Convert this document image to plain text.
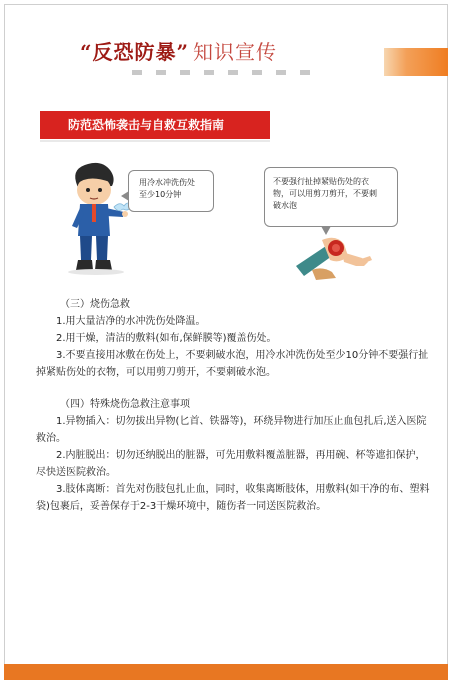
“反恐防暴” 知识宣传
防范恐怖袭击与自救互救指南
用冷水冲洗伤处
至少10分钟
不要强行扯掉紧贴伤处的衣
物，可以用剪刀剪开，不要刺
破水泡

（三）烧伤急救

1.用大量洁净的水冲洗伤处降温。

2.用干燥，清洁的敷料(如布,保鲜膜等)覆盖伤处。

3.不要直接用冰敷在伤处上，不要刺破水泡，用冷水冲洗伤处至少10分钟不要强行扯掉紧贴伤处的衣物，可以用剪刀剪开，不要刺破水泡。

（四）特殊烧伤急救注意事项

1.异物插入：切勿拔出异物(匕首、铁器等)，环绕异物进行加压止血包扎后,送入医院救治。

2.内脏脱出：切勿还纳脱出的脏器，可先用敷料覆盖脏器，再用碗、杯等遮扣保护，尽快送医院救治。

3.肢体离断：首先对伤肢包扎止血，同时，收集离断肢体，用敷料(如干净的布、塑料袋)包裹后，妥善保存于2-3干燥环境中，随伤者一同送医院救治。
